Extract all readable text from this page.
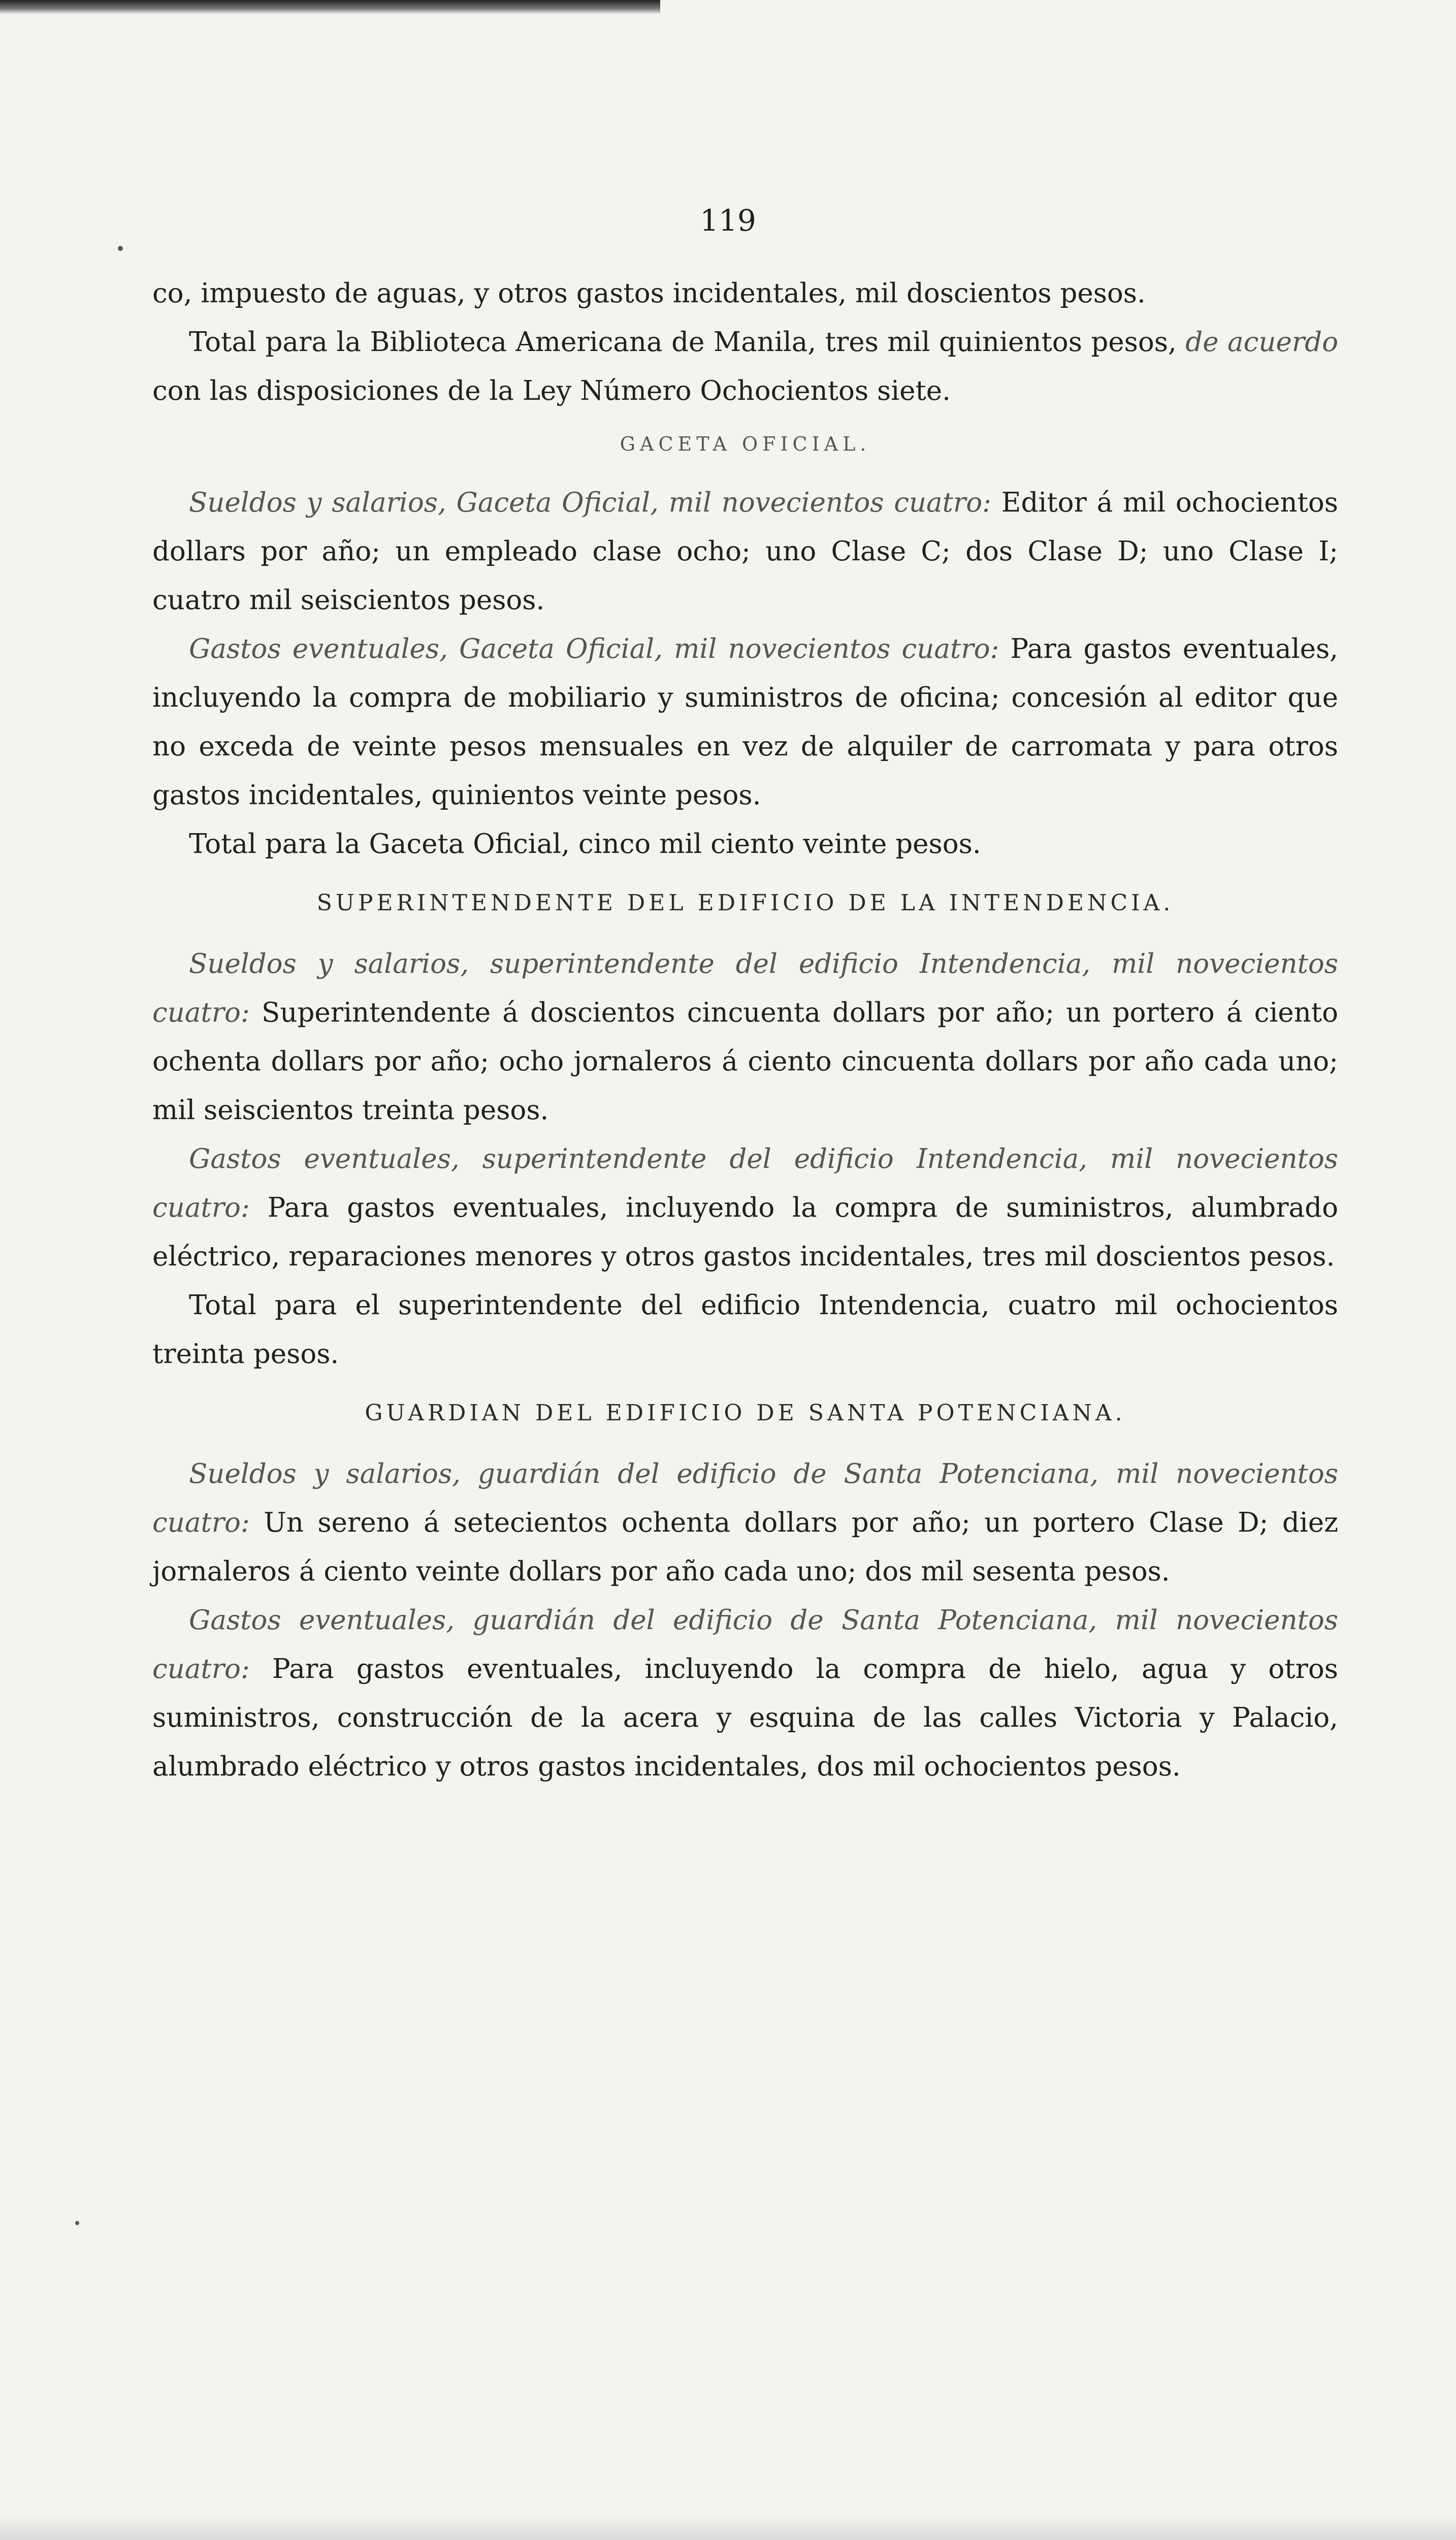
119

co, impuesto de aguas, y otros gastos incidentales, mil doscientos pesos.

Total para la Biblioteca Americana de Manila, tres mil quinientos pesos, de acuerdo con las disposiciones de la Ley Número Ochocientos siete.

GACETA OFICIAL.

Sueldos y salarios, Gaceta Oficial, mil novecientos cuatro: Editor á mil ochocientos dollars por año; un empleado clase ocho; uno Clase C; dos Clase D; uno Clase I; cuatro mil seiscientos pesos.

Gastos eventuales, Gaceta Oficial, mil novecientos cuatro: Para gastos eventuales, incluyendo la compra de mobiliario y suministros de oficina; concesión al editor que no exceda de veinte pesos mensuales en vez de alquiler de carromata y para otros gastos incidentales, quinientos veinte pesos.

Total para la Gaceta Oficial, cinco mil ciento veinte pesos.

SUPERINTENDENTE DEL EDIFICIO DE LA INTENDENCIA.

Sueldos y salarios, superintendente del edificio Intendencia, mil novecientos cuatro: Superintendente á doscientos cincuenta dollars por año; un portero á ciento ochenta dollars por año; ocho jornaleros á ciento cincuenta dollars por año cada uno; mil seiscientos treinta pesos.

Gastos eventuales, superintendente del edificio Intendencia, mil novecientos cuatro: Para gastos eventuales, incluyendo la compra de suministros, alumbrado eléctrico, reparaciones menores y otros gastos incidentales, tres mil doscientos pesos.

Total para el superintendente del edificio Intendencia, cuatro mil ochocientos treinta pesos.

GUARDIAN DEL EDIFICIO DE SANTA POTENCIANA.

Sueldos y salarios, guardián del edificio de Santa Potenciana, mil novecientos cuatro: Un sereno á setecientos ochenta dollars por año; un portero Clase D; diez jornaleros á ciento veinte dollars por año cada uno; dos mil sesenta pesos.

Gastos eventuales, guardián del edificio de Santa Potenciana, mil novecientos cuatro: Para gastos eventuales, incluyendo la compra de hielo, agua y otros suministros, construcción de la acera y esquina de las calles Victoria y Palacio, alumbrado eléctrico y otros gastos incidentales, dos mil ochocientos pesos.
